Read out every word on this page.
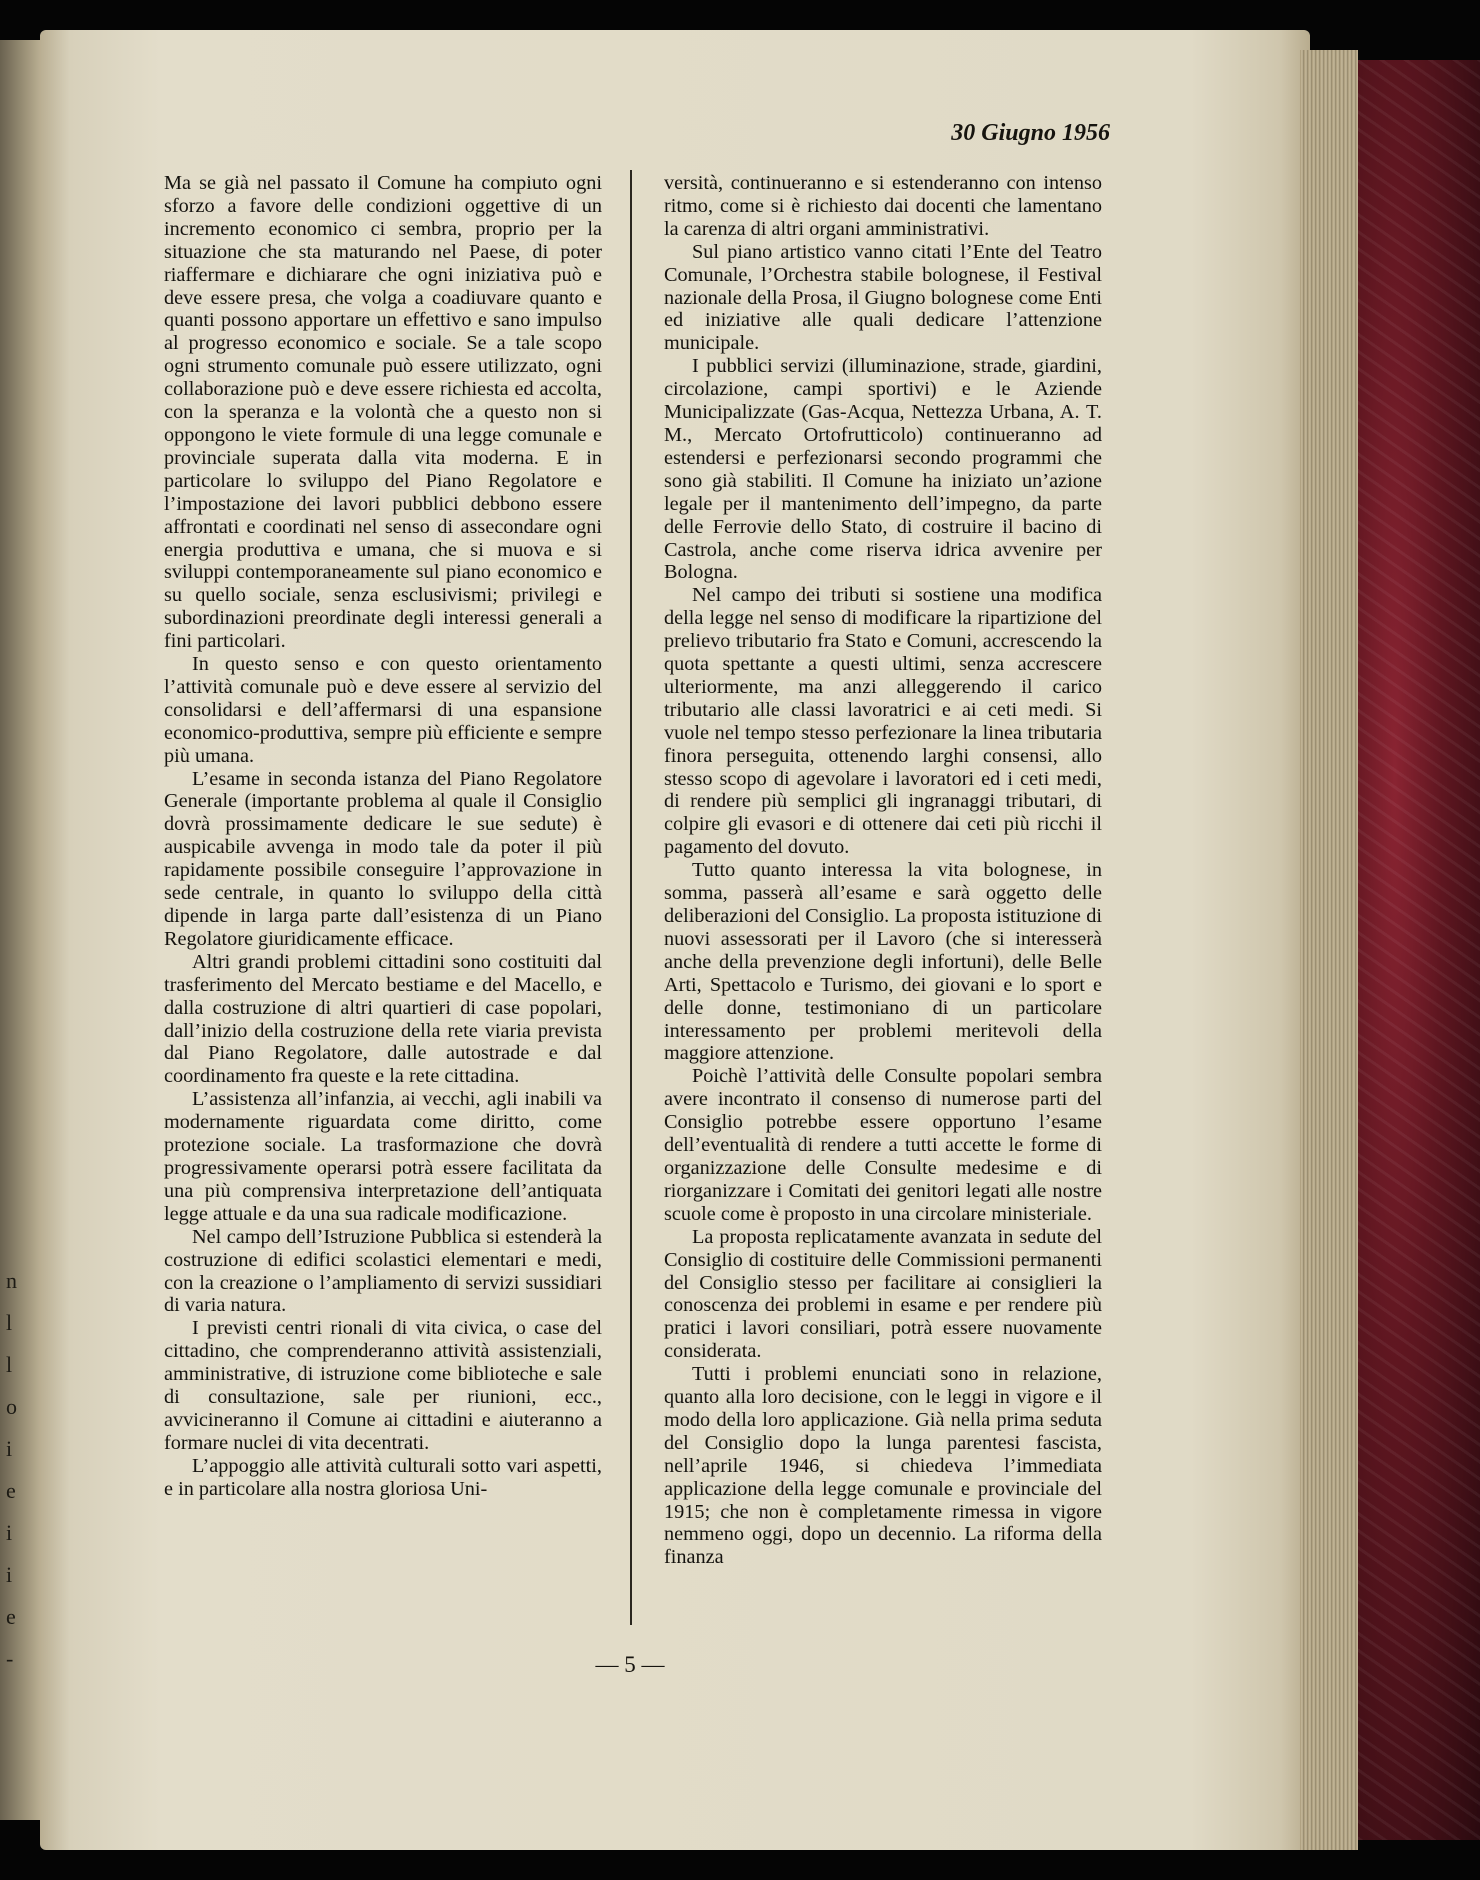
n
l
l
o
i
e
i
i
e
-
30 Giugno 1956

Ma se già nel passato il Comune ha compiuto ogni sforzo a favore delle condizioni oggettive di un incremento economico ci sembra, proprio per la situazione che sta maturando nel Paese, di poter riaffermare e dichiarare che ogni iniziativa può e deve essere presa, che volga a coadiuvare quanto e quanti possono apportare un effettivo e sano impulso al progresso economico e sociale. Se a tale scopo ogni strumento comunale può essere utilizzato, ogni collaborazione può e deve essere richiesta ed accolta, con la speranza e la volontà che a questo non si oppongono le viete formule di una legge comunale e provinciale superata dalla vita moderna. E in particolare lo sviluppo del Piano Regolatore e l’impostazione dei lavori pubblici debbono essere affrontati e coordinati nel senso di assecondare ogni energia produttiva e umana, che si muova e si sviluppi contemporaneamente sul piano economico e su quello sociale, senza esclusivismi; privilegi e subordinazioni preordinate degli interessi generali a fini particolari.

In questo senso e con questo orientamento l’attività comunale può e deve essere al servizio del consolidarsi e dell’affermarsi di una espansione economico-produttiva, sempre più efficiente e sempre più umana.

L’esame in seconda istanza del Piano Regolatore Generale (importante problema al quale il Consiglio dovrà prossimamente dedicare le sue sedute) è auspicabile avvenga in modo tale da poter il più rapidamente possibile conseguire l’approvazione in sede centrale, in quanto lo sviluppo della città dipende in larga parte dall’esistenza di un Piano Regolatore giuridicamente efficace.

Altri grandi problemi cittadini sono costituiti dal trasferimento del Mercato bestiame e del Macello, e dalla costruzione di altri quartieri di case popolari, dall’inizio della costruzione della rete viaria prevista dal Piano Regolatore, dalle autostrade e dal coordinamento fra queste e la rete cittadina.

L’assistenza all’infanzia, ai vecchi, agli inabili va modernamente riguardata come diritto, come protezione sociale. La trasformazione che dovrà progressivamente operarsi potrà essere facilitata da una più comprensiva interpretazione dell’antiquata legge attuale e da una sua radicale modificazione.

Nel campo dell’Istruzione Pubblica si estenderà la costruzione di edifici scolastici elementari e medi, con la creazione o l’ampliamento di servizi sussidiari di varia natura.

I previsti centri rionali di vita civica, o case del cittadino, che comprenderanno attività assistenziali, amministrative, di istruzione come biblioteche e sale di consultazione, sale per riunioni, ecc., avvicineranno il Comune ai cittadini e aiuteranno a formare nuclei di vita decentrati.

L’appoggio alle attività culturali sotto vari aspetti, e in particolare alla nostra gloriosa Uni-

versità, continueranno e si estenderanno con intenso ritmo, come si è richiesto dai docenti che lamentano la carenza di altri organi amministrativi.

Sul piano artistico vanno citati l’Ente del Teatro Comunale, l’Orchestra stabile bolognese, il Festival nazionale della Prosa, il Giugno bolognese come Enti ed iniziative alle quali dedicare l’attenzione municipale.

I pubblici servizi (illuminazione, strade, giardini, circolazione, campi sportivi) e le Aziende Municipalizzate (Gas-Acqua, Nettezza Urbana, A. T. M., Mercato Ortofrutticolo) continueranno ad estendersi e perfezionarsi secondo programmi che sono già stabiliti. Il Comune ha iniziato un’azione legale per il mantenimento dell’impegno, da parte delle Ferrovie dello Stato, di costruire il bacino di Castrola, anche come riserva idrica avvenire per Bologna.

Nel campo dei tributi si sostiene una modifica della legge nel senso di modificare la ripartizione del prelievo tributario fra Stato e Comuni, accrescendo la quota spettante a questi ultimi, senza accrescere ulteriormente, ma anzi alleggerendo il carico tributario alle classi lavoratrici e ai ceti medi. Si vuole nel tempo stesso perfezionare la linea tributaria finora perseguita, ottenendo larghi consensi, allo stesso scopo di agevolare i lavoratori ed i ceti medi, di rendere più semplici gli ingranaggi tributari, di colpire gli evasori e di ottenere dai ceti più ricchi il pagamento del dovuto.

Tutto quanto interessa la vita bolognese, in somma, passerà all’esame e sarà oggetto delle deliberazioni del Consiglio. La proposta istituzione di nuovi assessorati per il Lavoro (che si interesserà anche della prevenzione degli infortuni), delle Belle Arti, Spettacolo e Turismo, dei giovani e lo sport e delle donne, testimoniano di un particolare interessamento per problemi meritevoli della maggiore attenzione.

Poichè l’attività delle Consulte popolari sembra avere incontrato il consenso di numerose parti del Consiglio potrebbe essere opportuno l’esame dell’eventualità di rendere a tutti accette le forme di organizzazione delle Consulte medesime e di riorganizzare i Comitati dei genitori legati alle nostre scuole come è proposto in una circolare ministeriale.

La proposta replicatamente avanzata in sedute del Consiglio di costituire delle Commissioni permanenti del Consiglio stesso per facilitare ai consiglieri la conoscenza dei problemi in esame e per rendere più pratici i lavori consiliari, potrà essere nuovamente considerata.

Tutti i problemi enunciati sono in relazione, quanto alla loro decisione, con le leggi in vigore e il modo della loro applicazione. Già nella prima seduta del Consiglio dopo la lunga parentesi fascista, nell’aprile 1946, si chiedeva l’immediata applicazione della legge comunale e provinciale del 1915; che non è completamente rimessa in vigore nemmeno oggi, dopo un decennio. La riforma della finanza

— 5 —
